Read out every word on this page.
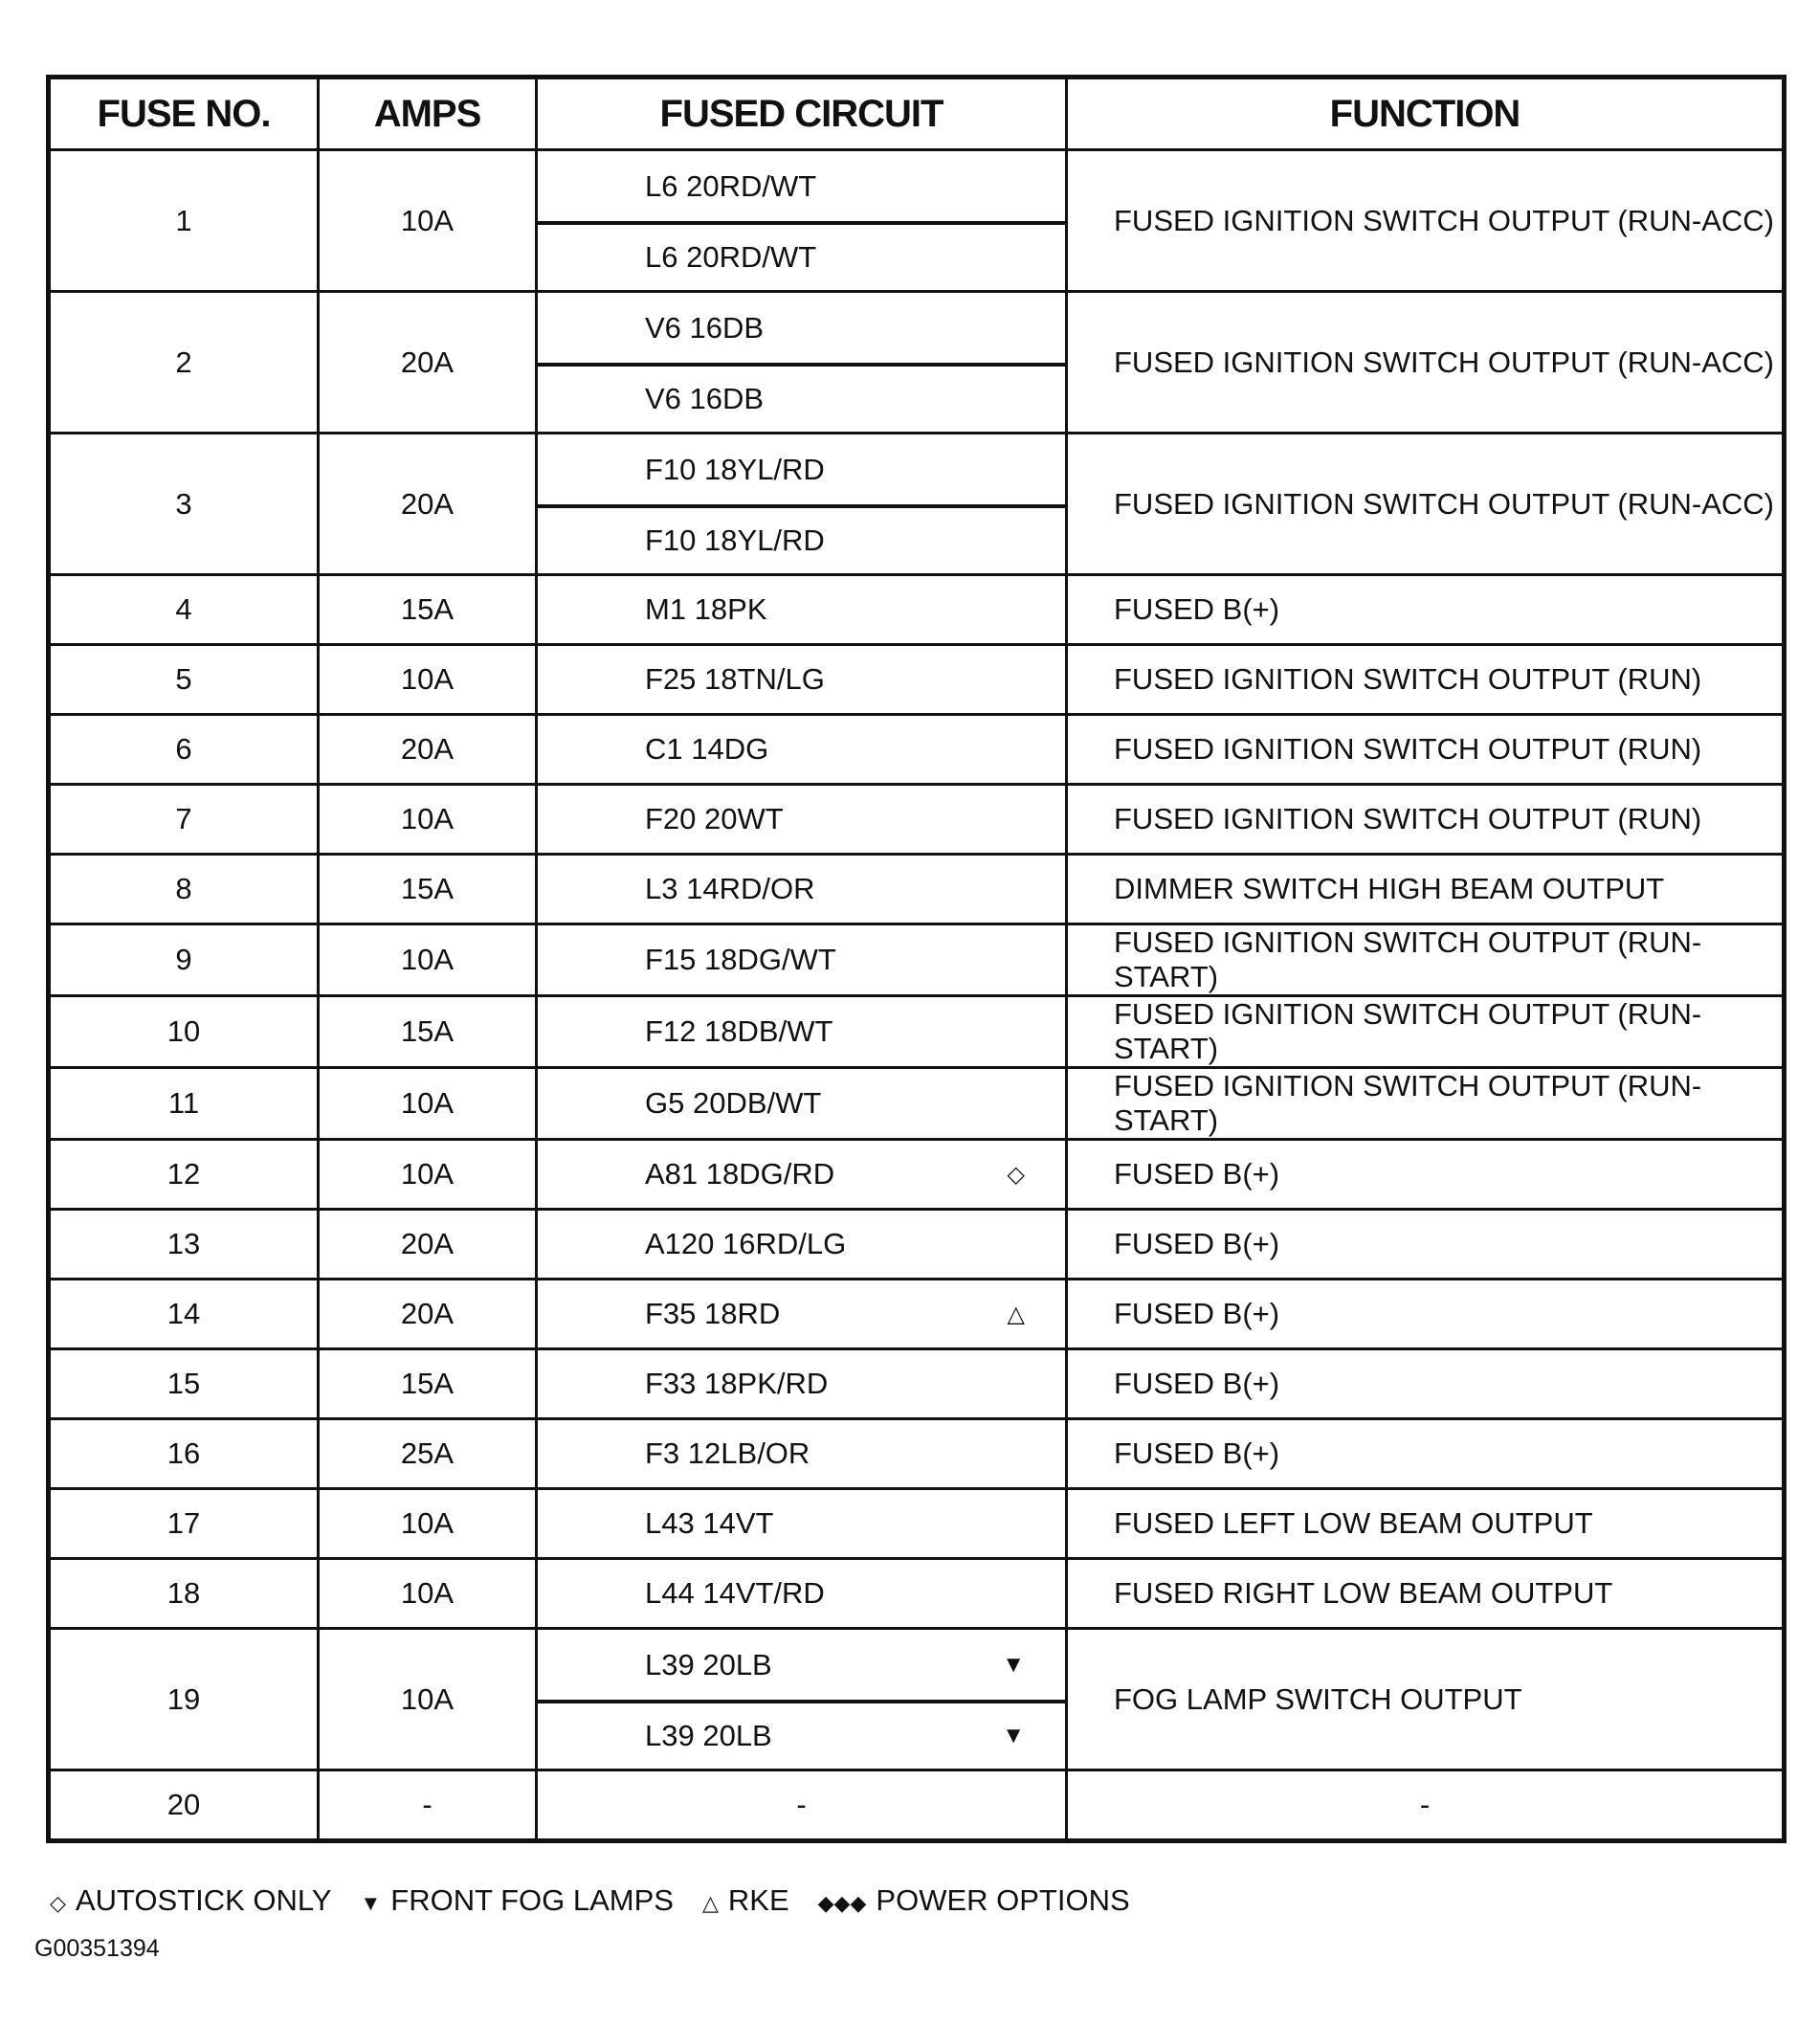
FUSE NO.	AMPS	FUSED CIRCUIT	FUNCTION
1	10A	L6 20RD/WT
L6 20RD/WT	FUSED IGNITION SWITCH OUTPUT (RUN-ACC)
2	20A	V6 16DB
V6 16DB	FUSED IGNITION SWITCH OUTPUT (RUN-ACC)
3	20A	F10 18YL/RD
F10 18YL/RD	FUSED IGNITION SWITCH OUTPUT (RUN-ACC)
4	15A	M1 18PK	FUSED B(+)
5	10A	F25 18TN/LG	FUSED IGNITION SWITCH OUTPUT (RUN)
6	20A	C1 14DG	FUSED IGNITION SWITCH OUTPUT (RUN)
7	10A	F20 20WT	FUSED IGNITION SWITCH OUTPUT (RUN)
8	15A	L3 14RD/OR	DIMMER SWITCH HIGH BEAM OUTPUT
9	10A	F15 18DG/WT	FUSED IGNITION SWITCH OUTPUT (RUN-START)
10	15A	F12 18DB/WT	FUSED IGNITION SWITCH OUTPUT (RUN-START)
11	10A	G5 20DB/WT	FUSED IGNITION SWITCH OUTPUT (RUN-START)
12	10A	A81 18DG/RD ◇	FUSED B(+)
13	20A	A120 16RD/LG	FUSED B(+)
14	20A	F35 18RD △	FUSED B(+)
15	15A	F33 18PK/RD	FUSED B(+)
16	25A	F3 12LB/OR	FUSED B(+)
17	10A	L43 14VT	FUSED LEFT LOW BEAM OUTPUT
18	10A	L44 14VT/RD	FUSED RIGHT LOW BEAM OUTPUT
19	10A	L39 20LB ▼
L39 20LB ▼	FOG LAMP SWITCH OUTPUT
20	-	-	-
◇ AUTOSTICK ONLY ▼ FRONT FOG LAMPS △ RKE ◆◆◆ POWER OPTIONS
G00351394
